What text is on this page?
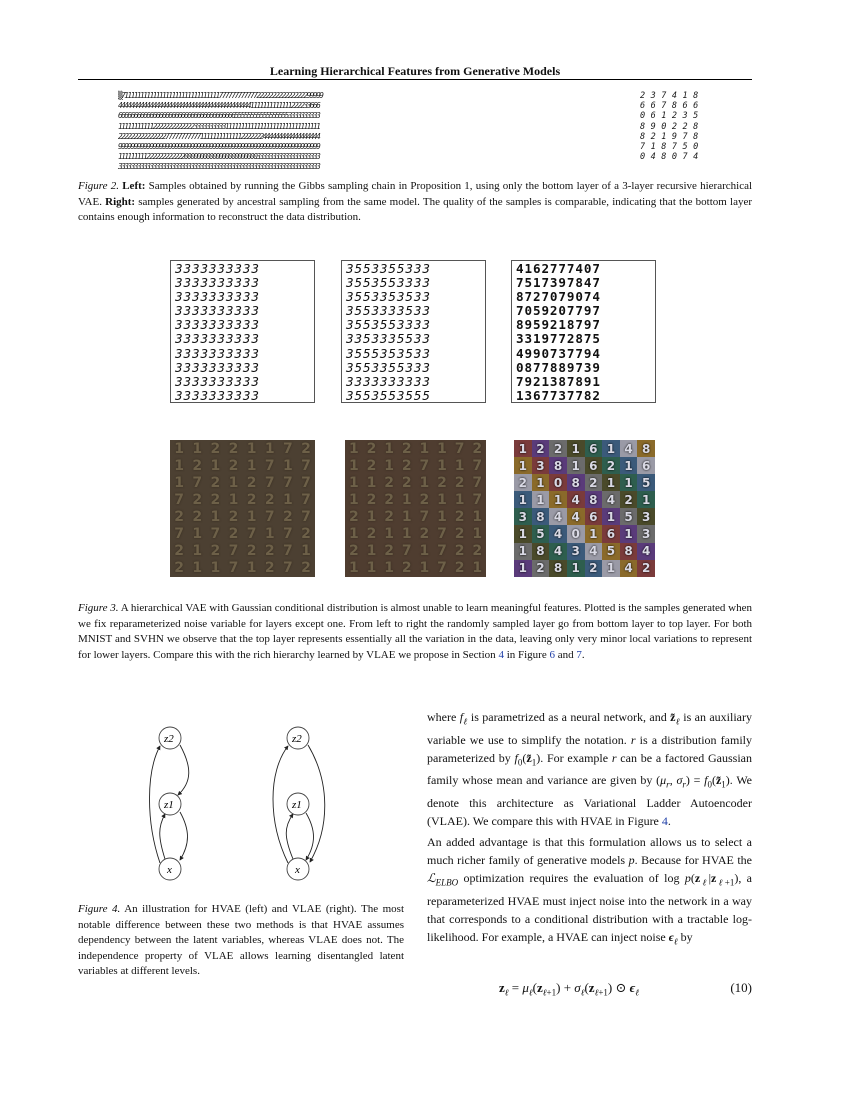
Learning Hierarchical Features from Generative Models
▒7111111111111111111111111111111777777777777222222222222222299999
4444444444444444444444444444444444444444441111111111111222233666
6666666666666666666666666666666666666555555555555555553333333333
1111111111122222222222223333333333111111111111111111111111111111
2222222222222227777777777711111111111112222222444444444444444444
9999999999999999999999999999999999999999999999999999999999999999
1111111112222222222220000000000000000000000033333333333333333333
3333333333333333333333333333333333333333333333333333333333333333
2 3 7 4 1 8
6 6 7 8 6 6
0 6 1 2 3 5
8 9 0 2 2 8
8 2 1 9 7 8
7 1 8 7 5 0
0 4 8 0 7 4
Figure 2. Left: Samples obtained by running the Gibbs sampling chain in Proposition 1, using only the bottom layer of a 3-layer recursive hierarchical VAE. Right: samples generated by ancestral sampling from the same model. The quality of the samples is comparable, indicating that the bottom layer contains enough information to reconstruct the data distribution.
3333333333
3333333333
3333333333
3333333333
3333333333
3333333333
3333333333
3333333333
3333333333
3333333333
3553355333
3553553333
3553353533
3553333533
3553553333
3353335533
3555353533
3553355333
3333333333
3553553555
4162777407
7517397847
8727079074
7059207797
8959218797
3319772875
4990737794
0877889739
7921387891
1367737782
1 1 2 2 1 1 7 2
1 2 1 2 1 7 1 7
1 7 2 1 2 7 7 7
7 2 2 1 2 2 1 7
2 2 1 2 1 7 2 7
7 1 7 2 7 1 7 2
2 1 2 7 2 2 7 1
2 1 1 7 1 2 7 2
1 2 1 2 1 1 7 2
1 2 1 2 7 1 1 7
1 1 2 2 1 2 2 7
1 2 2 1 2 1 1 7
2 1 2 1 7 1 2 1
1 2 1 1 2 7 2 1
2 1 2 7 1 7 2 2
1 1 1 2 1 7 2 1
1 2 2 1 6 1 4 8
1 3 8 1 6 2 1 6
2 1 0 8 2 1 1 5
1 1 1 4 8 4 2 1
3 8 4 4 6 1 5 3
1 5 4 0 1 6 1 3
1 8 4 3 4 5 8 4
1 2 8 1 2 1 4 2
Figure 3. A hierarchical VAE with Gaussian conditional distribution is almost unable to learn meaningful features. Plotted is the samples generated when we fix reparameterized noise variable for layers except one. From left to right the randomly sampled layer go from bottom layer to top layer. For both MNIST and SVHN we observe that the top layer represents essentially all the variation in the data, leaving only very minor local variations to represent for lower layers. Compare this with the rich hierarchy learned by VLAE we propose in Section 4 in Figure 6 and 7.
z2
z1
x
z2
z1
x
Figure 4. An illustration for HVAE (left) and VLAE (right). The most notable difference between these two methods is that HVAE assumes dependency between the latent variables, whereas VLAE does not. The independence property of VLAE allows learning disentangled latent variables at different levels.
where $f_\ell$ is parametrized as a neural network, and $z̃_\ell$ is an auxiliary variable we use to simplify the notation. r is a distribution family parameterized by $f_0(z̃_1)$. For example r can be a factored Gaussian family whose mean and variance are given by ($\mu_r$, $\sigma_r$) = $f_0(z̃_1)$. We denote this architecture as Variational Ladder Autoencoder (VLAE). We compare this with HVAE in Figure 4.
An added advantage is that this formulation allows us to select a much richer family of generative models p. Because for HVAE the ℒ$_{ELBO}$ optimization requires the evaluation of $\log p(z_\ell|z_{\ell+1})$, a reparameterized HVAE must inject noise into the network in a way that corresponds to a conditional distribution with a tractable log-likelihood. For example, a HVAE can inject noise $\epsilon_\ell$ by
$z_\ell = \mu_\ell(z_{\ell+1}) + \sigma_\ell(z_{\ell+1})$ ⊙ $\epsilon_\ell$	(10)
